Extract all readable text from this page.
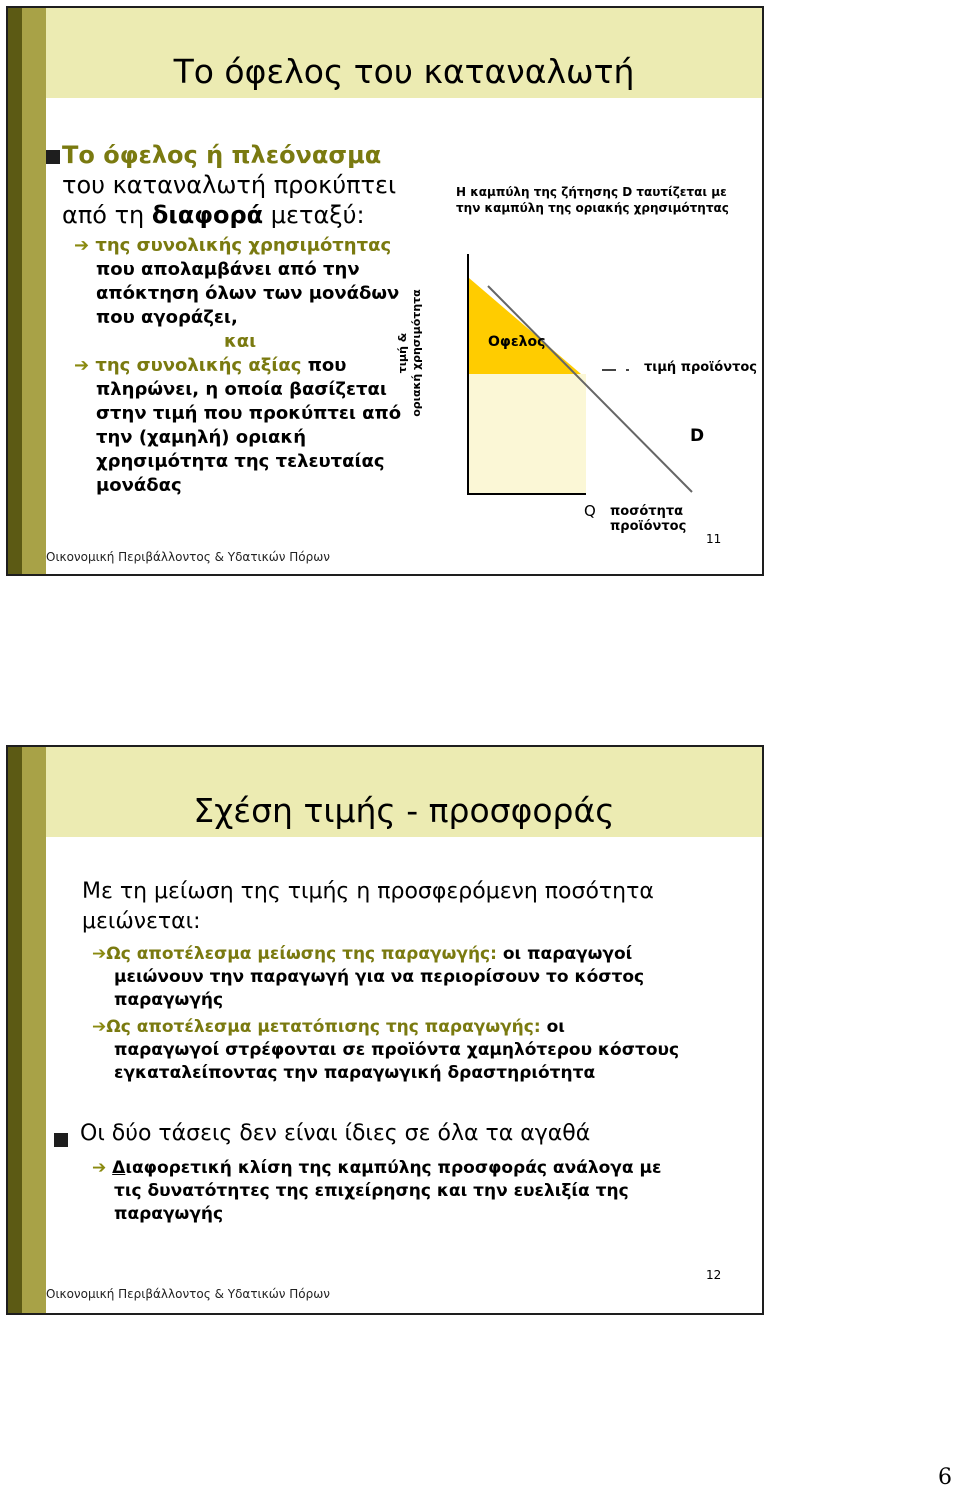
Το όφελος του καταναλωτή
Το όφελος ή πλεόνασμα
του καταναλωτή προκύπτει
από τη διαφορά μεταξύ:
➔ της συνολικής χρησιμότητας
που απολαμβάνει από την
απόκτηση όλων των μονάδων
που αγοράζει,
και
➔ της συνολικής αξίας που
πληρώνει, η οποία βασίζεται
στην τιμή που προκύπτει από
την (χαμηλή) οριακή
χρησιμότητα της τελευταίας
μονάδας
Η καμπύλη της ζήτησης D ταυτίζεται με
την καμπύλη της οριακής χρησιμότητας
τιμή & οριακή χρησιμότητα	Οφελος
τιμή προϊόντος
D
Q ποσότητα προϊόντος
Οικονομική Περιβάλλοντος & Υδατικών Πόρων
11
Σχέση τιμής - προσφοράς
Με τη μείωση της τιμής η προσφερόμενη ποσότητα
μειώνεται:
➔Ως αποτέλεσμα μείωσης της παραγωγής: οι παραγωγοί
μειώνουν την παραγωγή για να περιορίσουν το κόστος
παραγωγής
➔Ως αποτέλεσμα μετατόπισης της παραγωγής: οι
παραγωγοί στρέφονται σε προϊόντα χαμηλότερου κόστους
εγκαταλείποντας την παραγωγική δραστηριότητα
Οι δύο τάσεις δεν είναι ίδιες σε όλα τα αγαθά
➔ Διαφορετική κλίση της καμπύλης προσφοράς ανάλογα με
τις δυνατότητες της επιχείρησης και την ευελιξία της
παραγωγής
Οικονομική Περιβάλλοντος & Υδατικών Πόρων
12
6
